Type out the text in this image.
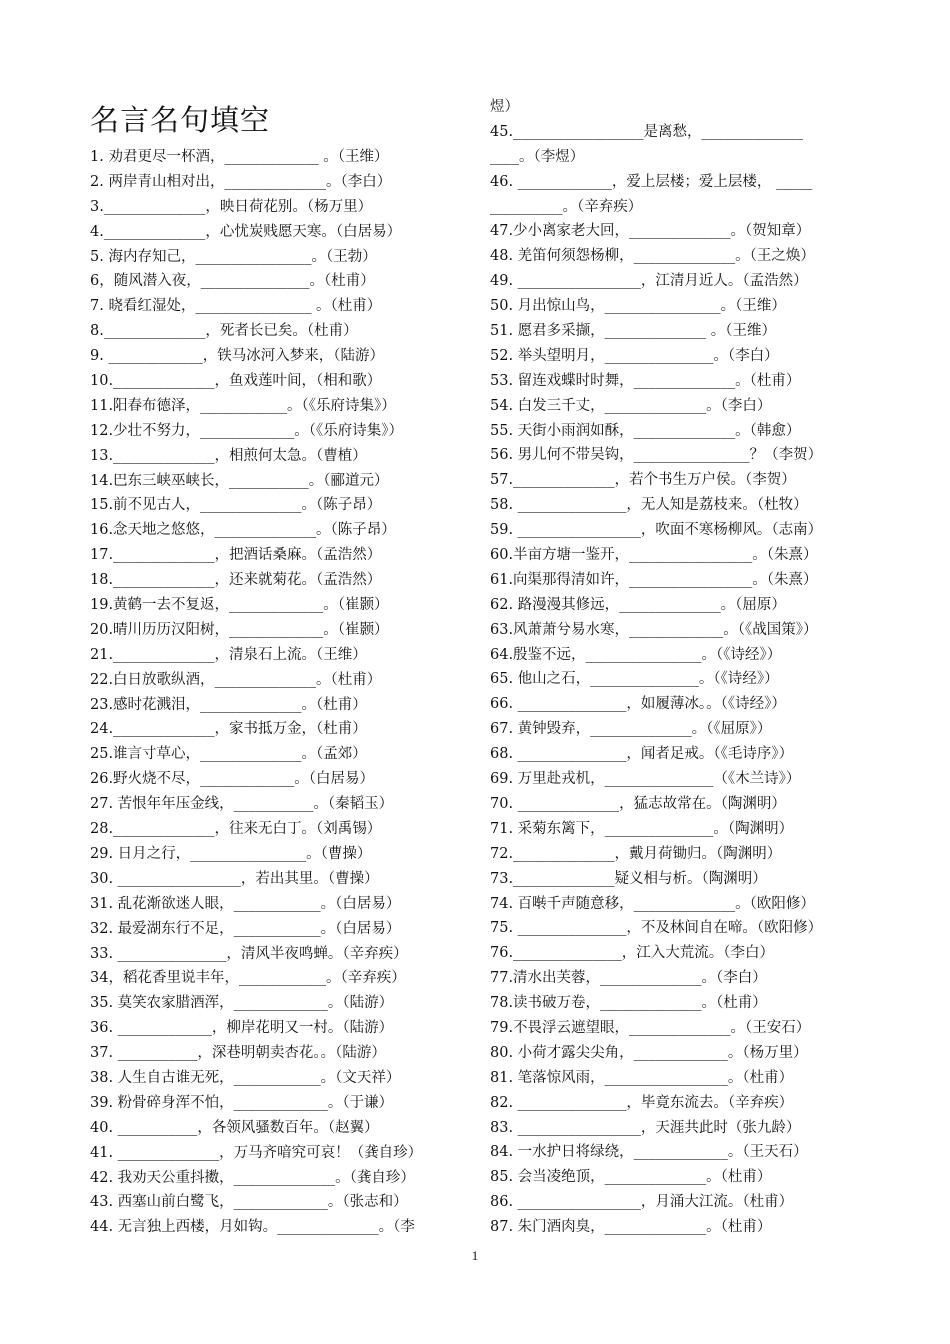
名言名句填空
1. 劝君更尽一杯酒，_____________ 。（王维）
2. 两岸青山相对出，______________。（李白）
3.______________，映日荷花别。（杨万里）
4.______________，心忧炭贱愿天寒。（白居易）
5. 海内存知己，________________。（王勃）
6，随风潜入夜，_______________。（杜甫）
7. 晓看红湿处，________________ 。（杜甫）
8.______________，死者长已矣。（杜甫）
9. _____________，铁马冰河入梦来，（陆游）
10.______________，鱼戏莲叶间，（相和歌）
11.阳春布德泽，____________。（《乐府诗集》）
12.少壮不努力，_____________。（《乐府诗集》）
13.______________，相煎何太急。（曹植）
14.巴东三峡巫峡长，___________。（郦道元）
15.前不见古人，______________。（陈子昂）
16.念天地之悠悠，______________。（陈子昂）
17.______________，把酒话桑麻。（孟浩然）
18.______________，还来就菊花。（孟浩然）
19.黄鹤一去不复返，_____________。（崔颢）
20.晴川历历汉阳树，_____________。（崔颢）
21.______________，清泉石上流。（王维）
22.白日放歌纵酒，______________。（杜甫）
23.感时花溅泪，______________。（杜甫）
24.______________，家书抵万金，（杜甫）
25.谁言寸草心，______________。（孟郊）
26.野火烧不尽，_____________。（白居易）
27. 苦恨年年压金线，___________。（秦韬玉）
28.______________，往来无白丁。（刘禹锡）
29. 日月之行，________________。（曹操）
30. _________________，若出其里。（曹操）
31. 乱花渐欲迷人眼，____________。（白居易）
32. 最爱湖东行不足，____________。（白居易）
33. _______________，清风半夜鸣蝉。（辛弃疾）
34，稻花香里说丰年，____________。（辛弃疾）
35. 莫笑农家腊酒浑，_____________。（陆游）
36. _____________，柳岸花明又一村。（陆游）
37. ___________，深巷明朝卖杏花。。（陆游）
38. 人生自古谁无死，____________。（文天祥）
39. 粉骨碎身浑不怕，_____________。（于谦）
40. ___________，各领风骚数百年。（赵翼）
41. ______________，万马齐喑究可哀！（龚自珍）
42. 我劝天公重抖擞，______________。（龚自珍）
43. 西塞山前白鹭飞，_____________。（张志和）
44. 无言独上西楼，月如钩。______________。（李
煜）
45.__________________是离愁，______________
____。（李煜）
46. _____________，爱上层楼；爱上层楼， _____
__________。（辛弃疾）
47.少小离家老大回，______________。（贺知章）
48. 羌笛何须怨杨柳，______________。（王之焕）
49. _________________，江清月近人。（孟浩然）
50. 月出惊山鸟，________________。（王维）
51. 愿君多采撷，______________ 。（王维）
52. 举头望明月，_______________。（李白）
53. 留连戏蝶时时舞，______________。（杜甫）
54. 白发三千丈，______________。（李白）
55. 天街小雨润如酥，______________。（韩愈）
56. 男儿何不带吴钩，________________？（李贺）
57.______________，若个书生万户侯。（李贺）
58. _______________，无人知是荔枝来。（杜牧）
59. _________________，吹面不寒杨柳风。（志南）
60.半亩方塘一鉴开，_________________。（朱熹）
61.向渠那得清如许，_________________。（朱熹）
62. 路漫漫其修远，______________。（屈原）
63.风萧萧兮易水寒，_____________。（《战国策》）
64.殷鉴不远，________________。（《诗经》）
65. 他山之石，_______________。（《诗经》）
66. _______________，如履薄冰。。（《诗经》）
67. 黄钟毁弃，______________。（《屈原》）
68. _______________，闻者足戒。（《毛诗序》）
69. 万里赴戎机，_______________（《木兰诗》）
70. ______________，猛志故常在。（陶渊明）
71. 采菊东篱下，_______________。（陶渊明）
72.______________，戴月荷锄归。（陶渊明）
73.______________疑义相与析。（陶渊明）
74. 百啭千声随意移，______________。（欧阳修）
75. _______________，不及林间自在啼。（欧阳修）
76._______________，江入大荒流。（李白）
77.清水出芙蓉，______________。（李白）
78.读书破万卷，______________。（杜甫）
79.不畏浮云遮望眼，______________。（王安石）
80. 小荷才露尖尖角，_____________。（杨万里）
81. 笔落惊风雨，_________________。（杜甫）
82. _______________，毕竟东流去。（辛弃疾）
83. _________________，天涯共此时（张九龄）
84. 一水护日将绿绕，_____________。（王天石）
85. 会当凌绝顶，______________。（杜甫）
86. _________________，月涌大江流。（杜甫）
87. 朱门酒肉臭，______________。（杜甫）
1
